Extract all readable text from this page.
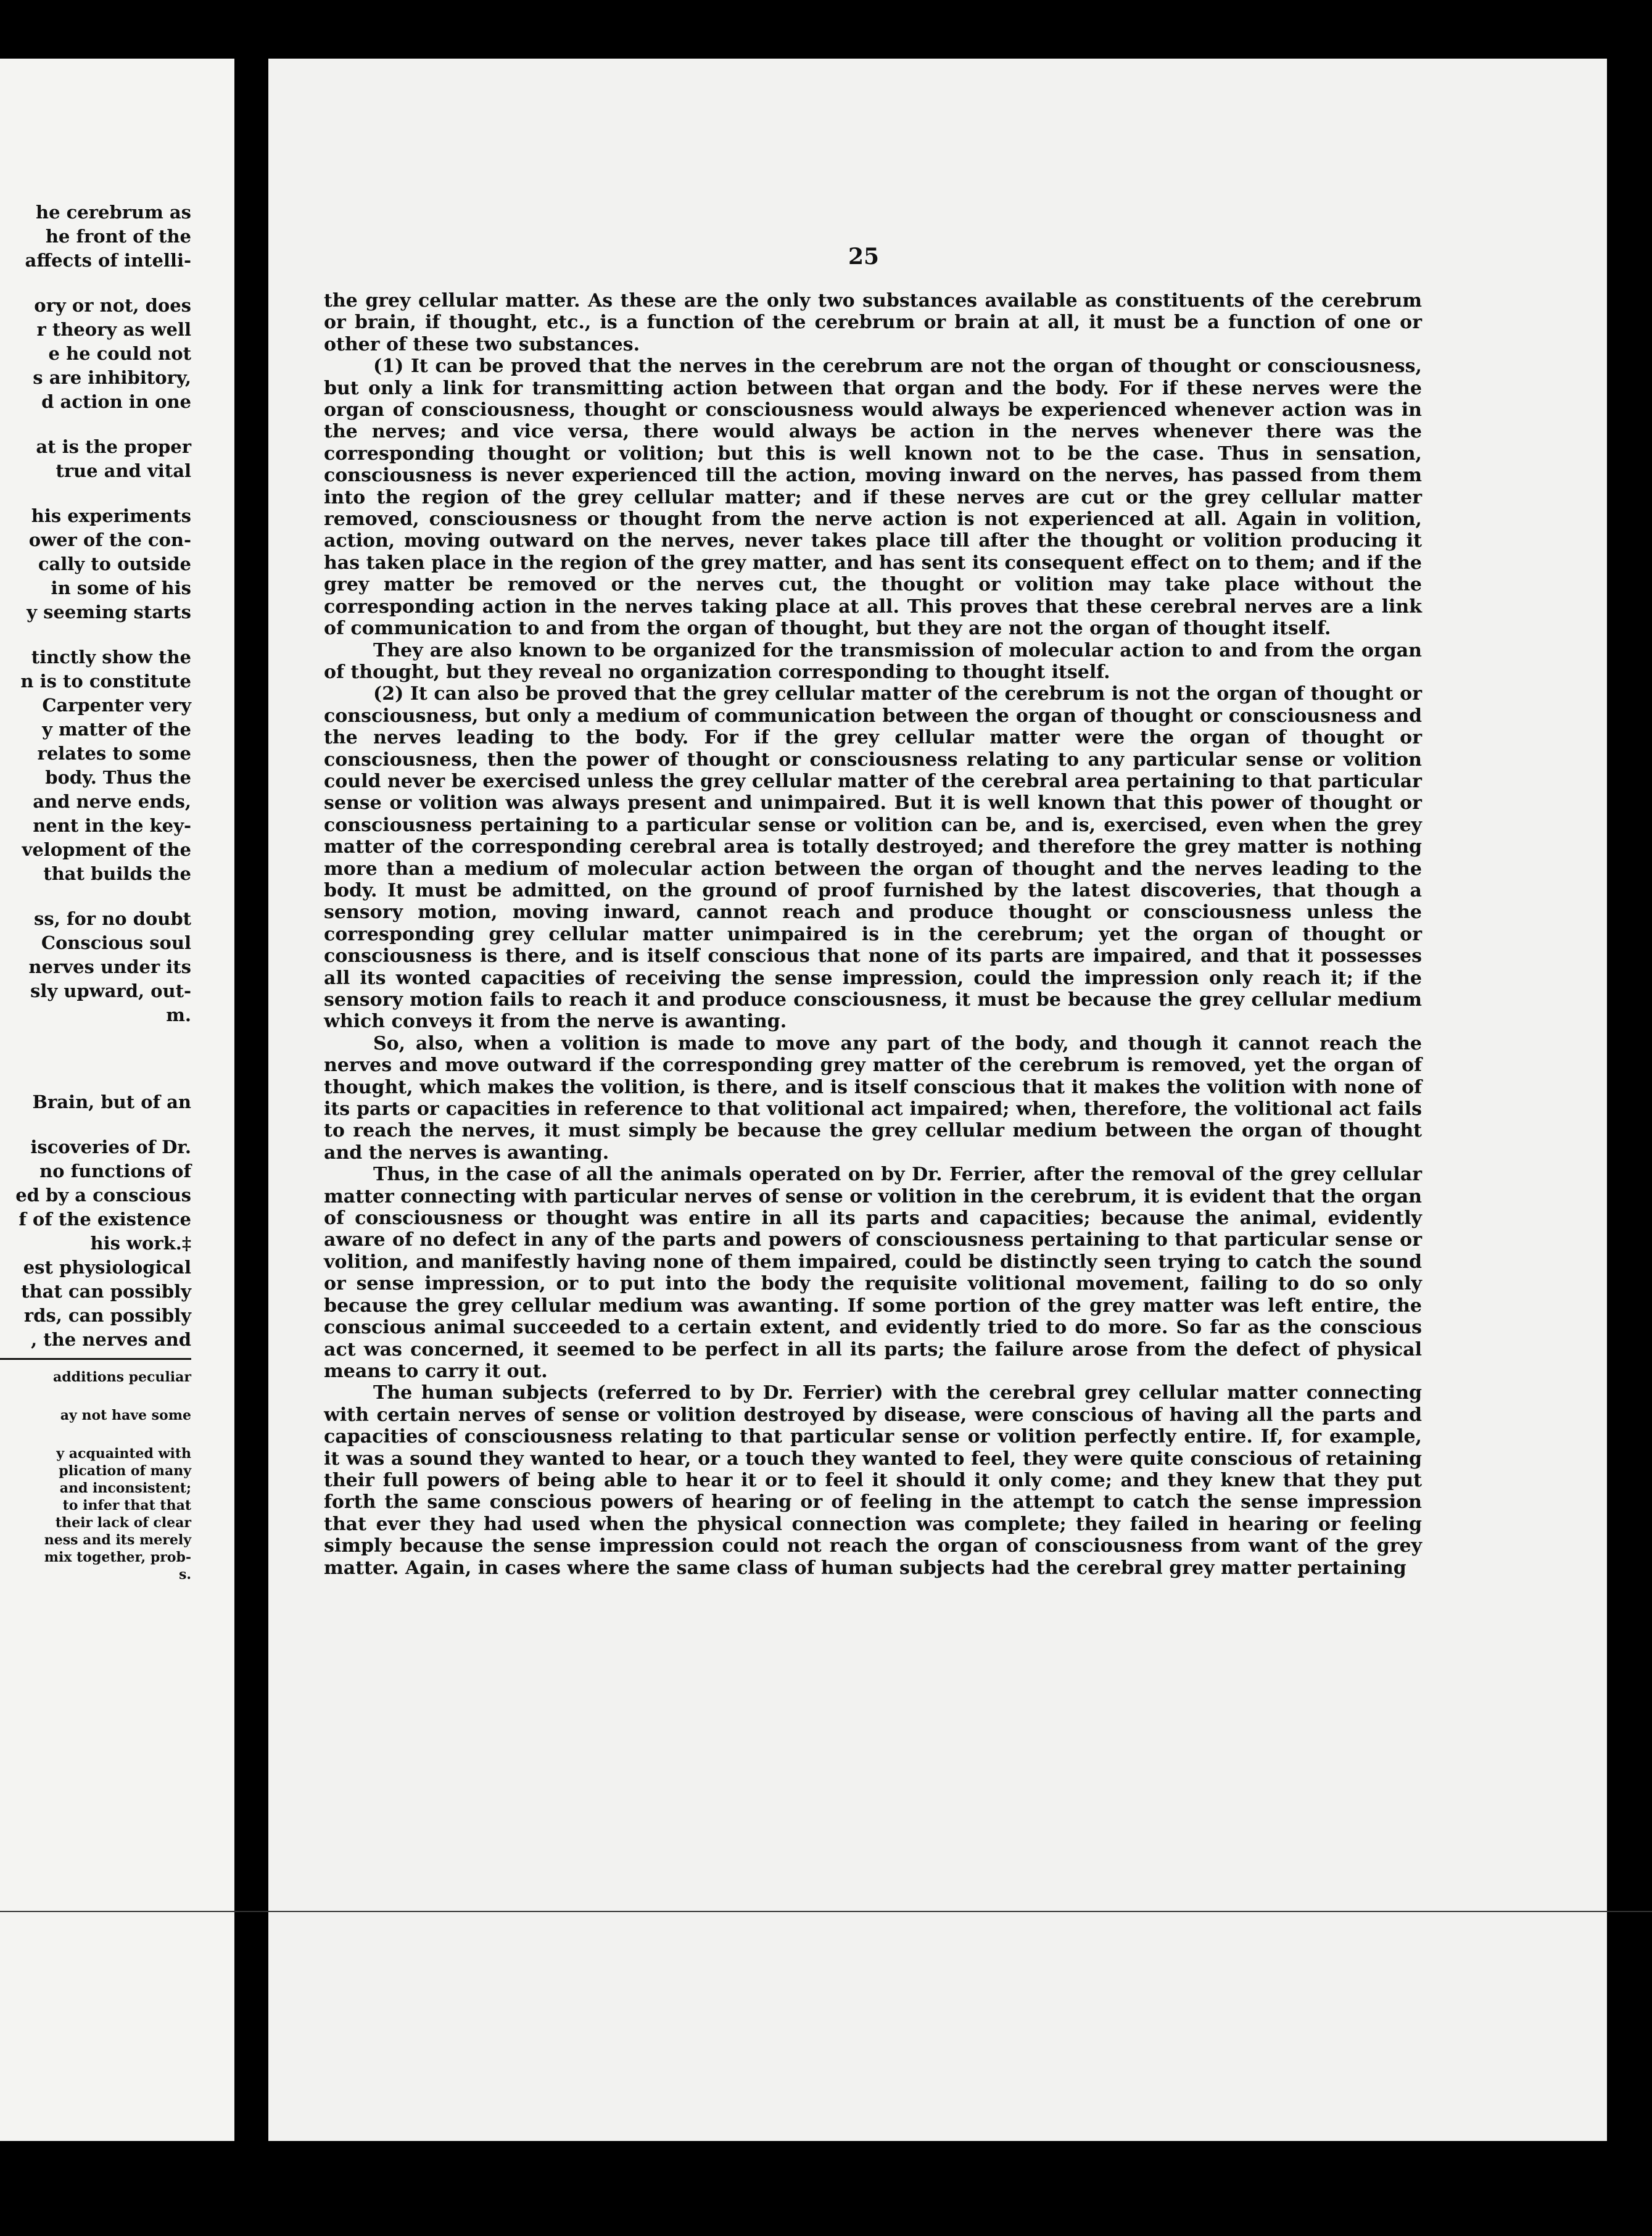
he cerebrum as
he front of the
affects of intelli-
ory or not, does
r theory as well
e he could not
s are inhibitory,
d action in one
at is the proper
true and vital
his experiments
ower of the con-
cally to outside
in some of his
y seeming starts
tinctly show the
n is to constitute
Carpenter very
y matter of the
relates to some
body. Thus the
and nerve ends,
nent in the key-
velopment of the
that builds the
ss, for no doubt
Conscious soul
nerves under its
sly upward, out-
m.
Brain, but of an
iscoveries of Dr.
no functions of
ed by a conscious
f of the existence
his work.‡
est physiological
that can possibly
rds, can possibly
, the nerves and
additions peculiar
ay not have some
y acquainted with
plication of many
and inconsistent;
to infer that that
their lack of clear
ness and its merely
mix together, prob-
s.
25

the grey cellular matter. As these are the only two substances available as constituents of the cerebrum or brain, if thought, etc., is a function of the cerebrum or brain at all, it must be a function of one or other of these two substances.

(1) It can be proved that the nerves in the cerebrum are not the organ of thought or consciousness, but only a link for transmitting action between that organ and the body. For if these nerves were the organ of consciousness, thought or consciousness would always be experienced whenever action was in the nerves; and vice versa, there would always be action in the nerves whenever there was the corresponding thought or volition; but this is well known not to be the case. Thus in sensation, consciousness is never experienced till the action, moving inward on the nerves, has passed from them into the region of the grey cellular matter; and if these nerves are cut or the grey cellular matter removed, consciousness or thought from the nerve action is not experienced at all. Again in volition, action, moving outward on the nerves, never takes place till after the thought or volition producing it has taken place in the region of the grey matter, and has sent its consequent effect on to them; and if the grey matter be removed or the nerves cut, the thought or volition may take place without the corresponding action in the nerves taking place at all. This proves that these cerebral nerves are a link of communication to and from the organ of thought, but they are not the organ of thought itself.

They are also known to be organized for the transmission of molecular action to and from the organ of thought, but they reveal no organization corresponding to thought itself.

(2) It can also be proved that the grey cellular matter of the cerebrum is not the organ of thought or consciousness, but only a medium of communication between the organ of thought or consciousness and the nerves leading to the body. For if the grey cellular matter were the organ of thought or consciousness, then the power of thought or consciousness relating to any particular sense or volition could never be exercised unless the grey cellular matter of the cerebral area pertaining to that particular sense or volition was always present and unimpaired. But it is well known that this power of thought or consciousness pertaining to a particular sense or volition can be, and is, exercised, even when the grey matter of the corresponding cerebral area is totally destroyed; and therefore the grey matter is nothing more than a medium of molecular action between the organ of thought and the nerves leading to the body. It must be admitted, on the ground of proof furnished by the latest discoveries, that though a sensory motion, moving inward, cannot reach and produce thought or consciousness unless the corresponding grey cellular matter unimpaired is in the cerebrum; yet the organ of thought or consciousness is there, and is itself conscious that none of its parts are impaired, and that it possesses all its wonted capacities of receiving the sense impression, could the impression only reach it; if the sensory motion fails to reach it and produce consciousness, it must be because the grey cellular medium which conveys it from the nerve is awanting.

So, also, when a volition is made to move any part of the body, and though it cannot reach the nerves and move outward if the corresponding grey matter of the cerebrum is removed, yet the organ of thought, which makes the volition, is there, and is itself conscious that it makes the volition with none of its parts or capacities in reference to that volitional act impaired; when, therefore, the volitional act fails to reach the nerves, it must simply be because the grey cellular medium between the organ of thought and the nerves is awanting.

Thus, in the case of all the animals operated on by Dr. Ferrier, after the removal of the grey cellular matter connecting with particular nerves of sense or volition in the cerebrum, it is evident that the organ of consciousness or thought was entire in all its parts and capacities; because the animal, evidently aware of no defect in any of the parts and powers of consciousness pertaining to that particular sense or volition, and manifestly having none of them impaired, could be distinctly seen trying to catch the sound or sense impression, or to put into the body the requisite volitional movement, failing to do so only because the grey cellular medium was awanting. If some portion of the grey matter was left entire, the conscious animal succeeded to a certain extent, and evidently tried to do more. So far as the conscious act was concerned, it seemed to be perfect in all its parts; the failure arose from the defect of physical means to carry it out.

The human subjects (referred to by Dr. Ferrier) with the cerebral grey cellular matter connecting with certain nerves of sense or volition destroyed by disease, were conscious of having all the parts and capacities of consciousness relating to that particular sense or volition perfectly entire. If, for example, it was a sound they wanted to hear, or a touch they wanted to feel, they were quite conscious of retaining their full powers of being able to hear it or to feel it should it only come; and they knew that they put forth the same conscious powers of hearing or of feeling in the attempt to catch the sense impression that ever they had used when the physical connection was complete; they failed in hearing or feeling simply because the sense impression could not reach the organ of consciousness from want of the grey matter. Again, in cases where the same class of human subjects had the cerebral grey matter pertaining
